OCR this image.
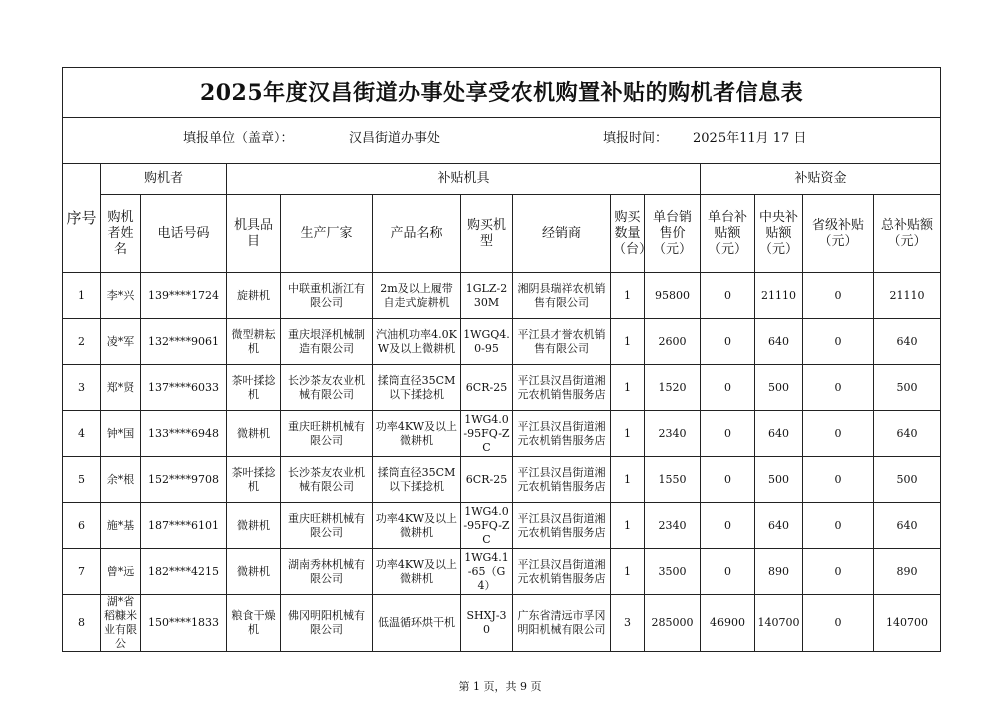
2025年度汉昌街道办事处享受农机购置补贴的购机者信息表													

填报单位（盖章）： 汉昌街道办事处 填报时间： 2025年11月 17 日													

序号	购机者		补贴机具							补贴资金			
	购机者姓名	电话号码	机具品目	生产厂家	产品名称	购买机型	经销商	购买数量（台）	单台销售价（元）	单台补贴额（元）	中央补贴额（元）	省级补贴（元）	总补贴额（元）
1	李*兴	139****1724	旋耕机	中联重机浙江有限公司	2m及以上履带自走式旋耕机	1GLZ-230M	湘阴县瑞祥农机销售有限公司	1	95800	0	21110	0	21110
2	凌*军	132****9061	微型耕耘机	重庆垠泽机械制造有限公司	汽油机功率4.0KW及以上微耕机	1WGQ4.0-95	平江县才誉农机销售有限公司	1	2600	0	640	0	640
3	郑*贤	137****6033	茶叶揉捻机	长沙茶友农业机械有限公司	揉筒直径35CM以下揉捻机	6CR-25	平江县汉昌街道湘元农机销售服务店	1	1520	0	500	0	500
4	钟*国	133****6948	微耕机	重庆旺耕机械有限公司	功率4KW及以上微耕机	1WG4.0-95FQ-ZC	平江县汉昌街道湘元农机销售服务店	1	2340	0	640	0	640
5	余*根	152****9708	茶叶揉捻机	长沙茶友农业机械有限公司	揉筒直径35CM以下揉捻机	6CR-25	平江县汉昌街道湘元农机销售服务店	1	1550	0	500	0	500
6	施*基	187****6101	微耕机	重庆旺耕机械有限公司	功率4KW及以上微耕机	1WG4.0-95FQ-ZC	平江县汉昌街道湘元农机销售服务店	1	2340	0	640	0	640
7	曾*远	182****4215	微耕机	湖南秀林机械有限公司	功率4KW及以上微耕机	1WG4.1-65（G4）	平江县汉昌街道湘元农机销售服务店	1	3500	0	890	0	890
8	湖*省稻糠米业有限公	150****1833	粮食干燥机	佛冈明阳机械有限公司	低温循环烘干机	SHXJ-30	广东省清远市孚冈明阳机械有限公司	3	285000	46900	140700	0	140700
第 1 页，共 9 页
